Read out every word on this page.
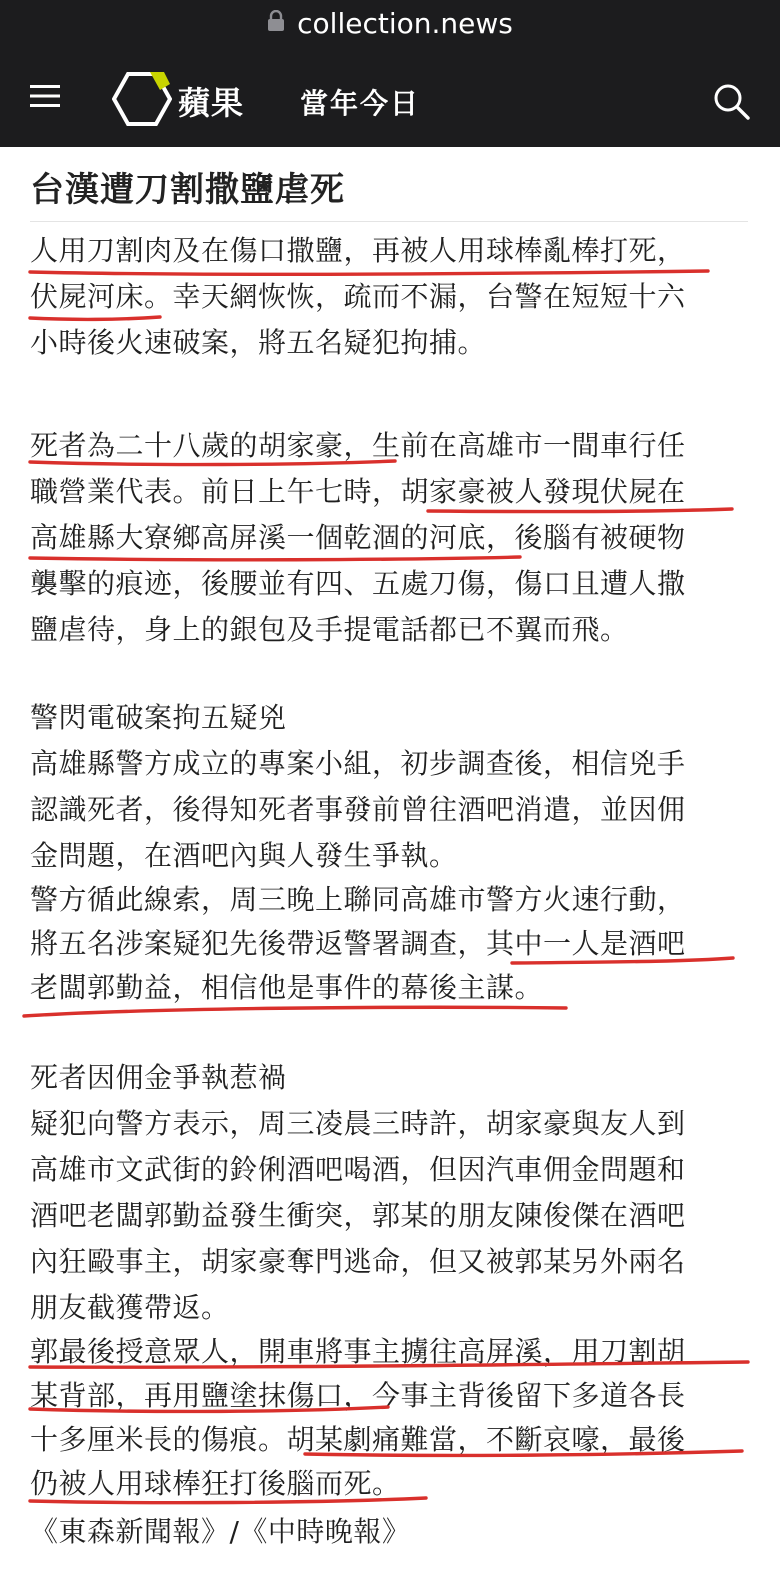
collection.news
蘋果 當年今日
台漢遭刀割撒鹽虐死
人用刀割肉及在傷口撒鹽，再被人用球棒亂棒打死，
伏屍河床。幸天網恢恢，疏而不漏，台警在短短十六
小時後火速破案，將五名疑犯拘捕。
死者為二十八歲的胡家豪，生前在高雄市一間車行任
職營業代表。前日上午七時，胡家豪被人發現伏屍在
高雄縣大寮鄉高屏溪一個乾涸的河底，後腦有被硬物
襲擊的痕迹，後腰並有四、五處刀傷，傷口且遭人撒
鹽虐待，身上的銀包及手提電話都已不翼而飛。
警閃電破案拘五疑兇
高雄縣警方成立的專案小組，初步調查後，相信兇手
認識死者，後得知死者事發前曾往酒吧消遣，並因佣
金問題，在酒吧內與人發生爭執。
警方循此線索，周三晚上聯同高雄市警方火速行動，
將五名涉案疑犯先後帶返警署調查，其中一人是酒吧
老闆郭勤益，相信他是事件的幕後主謀。
死者因佣金爭執惹禍
疑犯向警方表示，周三凌晨三時許，胡家豪與友人到
高雄市文武街的鈴俐酒吧喝酒，但因汽車佣金問題和
酒吧老闆郭勤益發生衝突，郭某的朋友陳俊傑在酒吧
內狂毆事主，胡家豪奪門逃命，但又被郭某另外兩名
朋友截獲帶返。
郭最後授意眾人，開車將事主擄往高屏溪，用刀割胡
某背部，再用鹽塗抹傷口，今事主背後留下多道各長
十多厘米長的傷痕。胡某劇痛難當，不斷哀嚎，最後
仍被人用球棒狂打後腦而死。
《東森新聞報》/《中時晚報》
